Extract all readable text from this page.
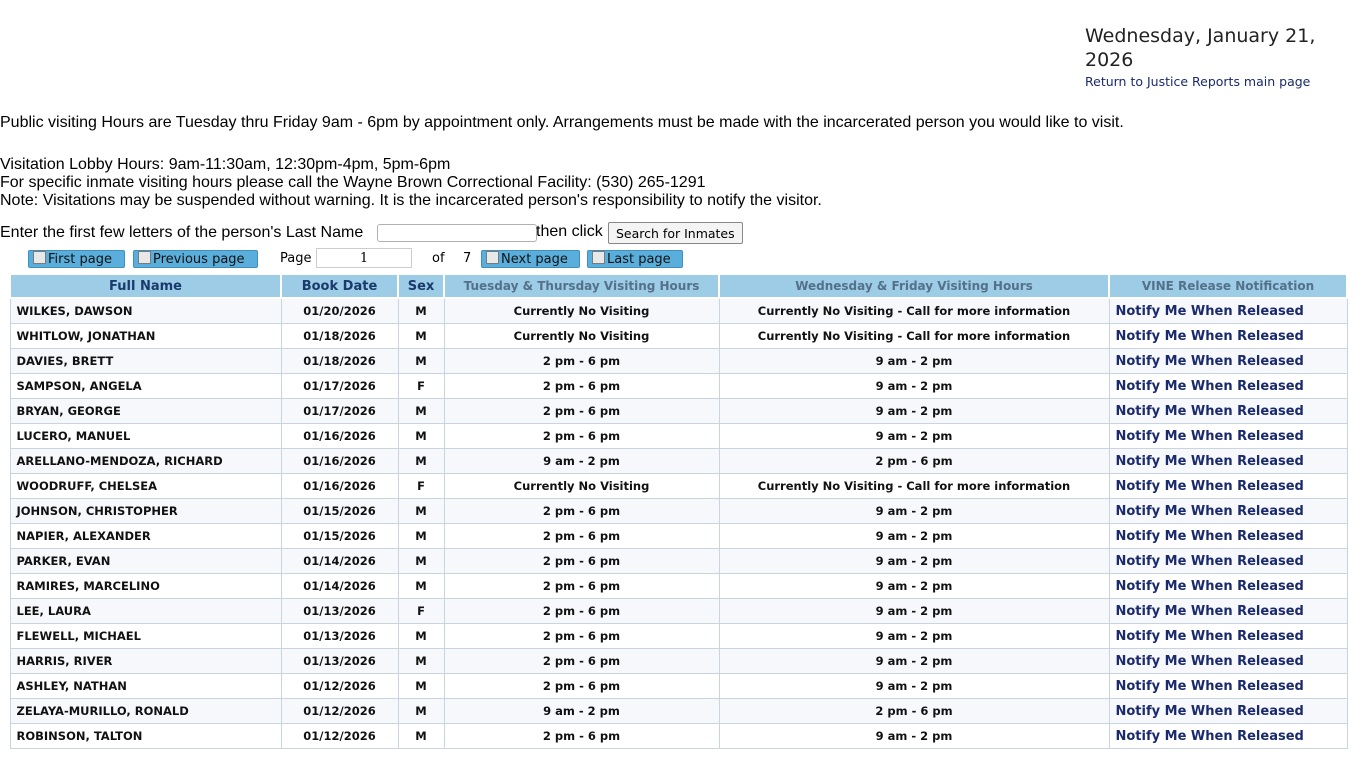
Wednesday, January 21, 2026
Return to Justice Reports main page
Public visiting Hours are Tuesday thru Friday 9am - 6pm by appointment only. Arrangements must be made with the incarcerated person you would like to visit.
Visitation Lobby Hours: 9am-11:30am, 12:30pm-4pm, 5pm-6pm
For specific inmate visiting hours please call the Wayne Brown Correctional Facility: (530) 265-1291
Note: Visitations may be suspended without warning. It is the incarcerated person's responsibility to notify the visitor.
Enter the first few letters of the person's Last Name	then click	Search for Inmates
First page	Previous page	Page
1	of 7	Next page	Last page
Full Name	Book Date	Sex	Tuesday & Thursday Visiting Hours	Wednesday & Friday Visiting Hours	VINE Release Notification
WILKES, DAWSON	01/20/2026	M	Currently No Visiting	Currently No Visiting - Call for more information	Notify Me When Released
WHITLOW, JONATHAN	01/18/2026	M	Currently No Visiting	Currently No Visiting - Call for more information	Notify Me When Released
DAVIES, BRETT	01/18/2026	M	2 pm - 6 pm	9 am - 2 pm	Notify Me When Released
SAMPSON, ANGELA	01/17/2026	F	2 pm - 6 pm	9 am - 2 pm	Notify Me When Released
BRYAN, GEORGE	01/17/2026	M	2 pm - 6 pm	9 am - 2 pm	Notify Me When Released
LUCERO, MANUEL	01/16/2026	M	2 pm - 6 pm	9 am - 2 pm	Notify Me When Released
ARELLANO-MENDOZA, RICHARD	01/16/2026	M	9 am - 2 pm	2 pm - 6 pm	Notify Me When Released
WOODRUFF, CHELSEA	01/16/2026	F	Currently No Visiting	Currently No Visiting - Call for more information	Notify Me When Released
JOHNSON, CHRISTOPHER	01/15/2026	M	2 pm - 6 pm	9 am - 2 pm	Notify Me When Released
NAPIER, ALEXANDER	01/15/2026	M	2 pm - 6 pm	9 am - 2 pm	Notify Me When Released
PARKER, EVAN	01/14/2026	M	2 pm - 6 pm	9 am - 2 pm	Notify Me When Released
RAMIRES, MARCELINO	01/14/2026	M	2 pm - 6 pm	9 am - 2 pm	Notify Me When Released
LEE, LAURA	01/13/2026	F	2 pm - 6 pm	9 am - 2 pm	Notify Me When Released
FLEWELL, MICHAEL	01/13/2026	M	2 pm - 6 pm	9 am - 2 pm	Notify Me When Released
HARRIS, RIVER	01/13/2026	M	2 pm - 6 pm	9 am - 2 pm	Notify Me When Released
ASHLEY, NATHAN	01/12/2026	M	2 pm - 6 pm	9 am - 2 pm	Notify Me When Released
ZELAYA-MURILLO, RONALD	01/12/2026	M	9 am - 2 pm	2 pm - 6 pm	Notify Me When Released
ROBINSON, TALTON	01/12/2026	M	2 pm - 6 pm	9 am - 2 pm	Notify Me When Released
